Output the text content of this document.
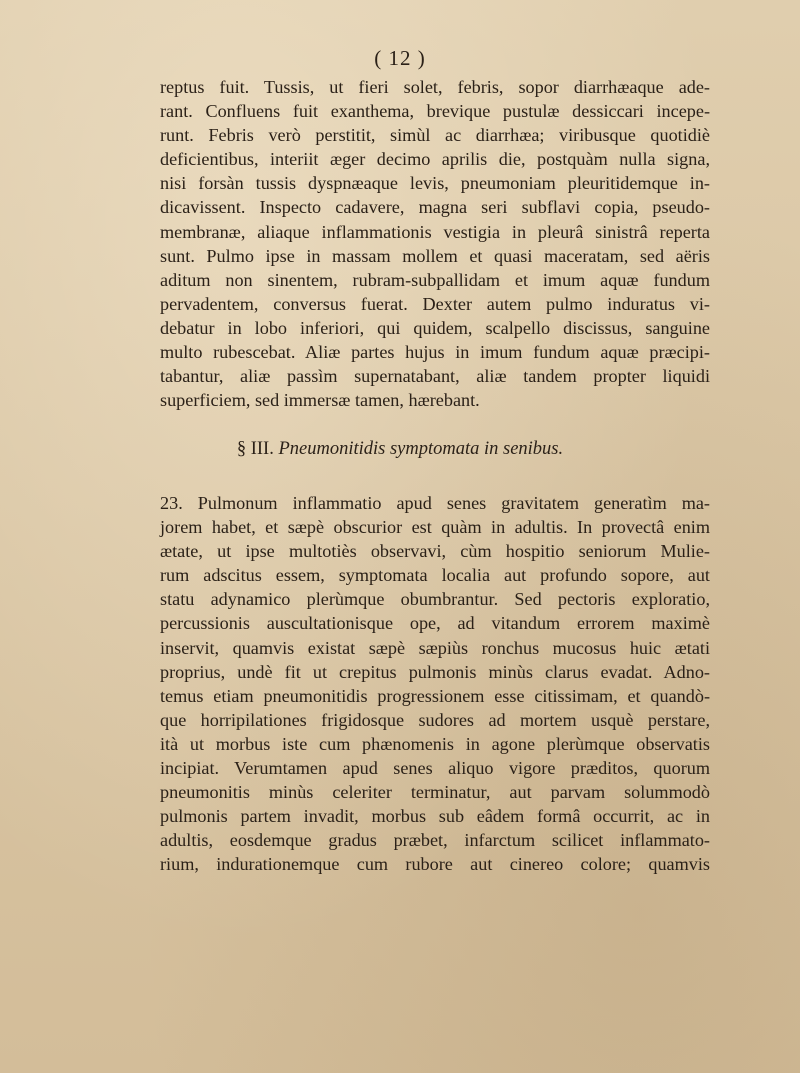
( 12 )

reptus fuit. Tussis, ut fieri solet, febris, sopor diarrhæaque ade-

rant. Confluens fuit exanthema, brevique pustulæ dessiccari incepe-

runt. Febris verò perstitit, simùl ac diarrhæa; viribusque quotidiè

deficientibus, interiit æger decimo aprilis die, postquàm nulla signa,

nisi forsàn tussis dyspnæaque levis, pneumoniam pleuritidemque in-

dicavissent. Inspecto cadavere, magna seri subflavi copia, pseudo-

membranæ, aliaque inflammationis vestigia in pleurâ sinistrâ reperta

sunt. Pulmo ipse in massam mollem et quasi maceratam, sed aëris

aditum non sinentem, rubram-subpallidam et imum aquæ fundum

pervadentem, conversus fuerat. Dexter autem pulmo induratus vi-

debatur in lobo inferiori, qui quidem, scalpello discissus, sanguine

multo rubescebat. Aliæ partes hujus in imum fundum aquæ præcipi-

tabantur, aliæ passìm supernatabant, aliæ tandem propter liquidi

superficiem, sed immersæ tamen, hærebant.

§ III. Pneumonitidis symptomata in senibus.

23. Pulmonum inflammatio apud senes gravitatem generatìm ma-

jorem habet, et sæpè obscurior est quàm in adultis. In provectâ enim

ætate, ut ipse multotiès observavi, cùm hospitio seniorum Mulie-

rum adscitus essem, symptomata localia aut profundo sopore, aut

statu adynamico plerùmque obumbrantur. Sed pectoris exploratio,

percussionis auscultationisque ope, ad vitandum errorem maximè

inservit, quamvis existat sæpè sæpiùs ronchus mucosus huic ætati

proprius, undè fit ut crepitus pulmonis minùs clarus evadat. Adno-

temus etiam pneumonitidis progressionem esse citissimam, et quandò-

que horripilationes frigidosque sudores ad mortem usquè perstare,

ità ut morbus iste cum phænomenis in agone plerùmque observatis

incipiat. Verumtamen apud senes aliquo vigore præditos, quorum

pneumonitis minùs celeriter terminatur, aut parvam solummodò

pulmonis partem invadit, morbus sub eâdem formâ occurrit, ac in

adultis, eosdemque gradus præbet, infarctum scilicet inflammato-

rium, indurationemque cum rubore aut cinereo colore; quamvis
